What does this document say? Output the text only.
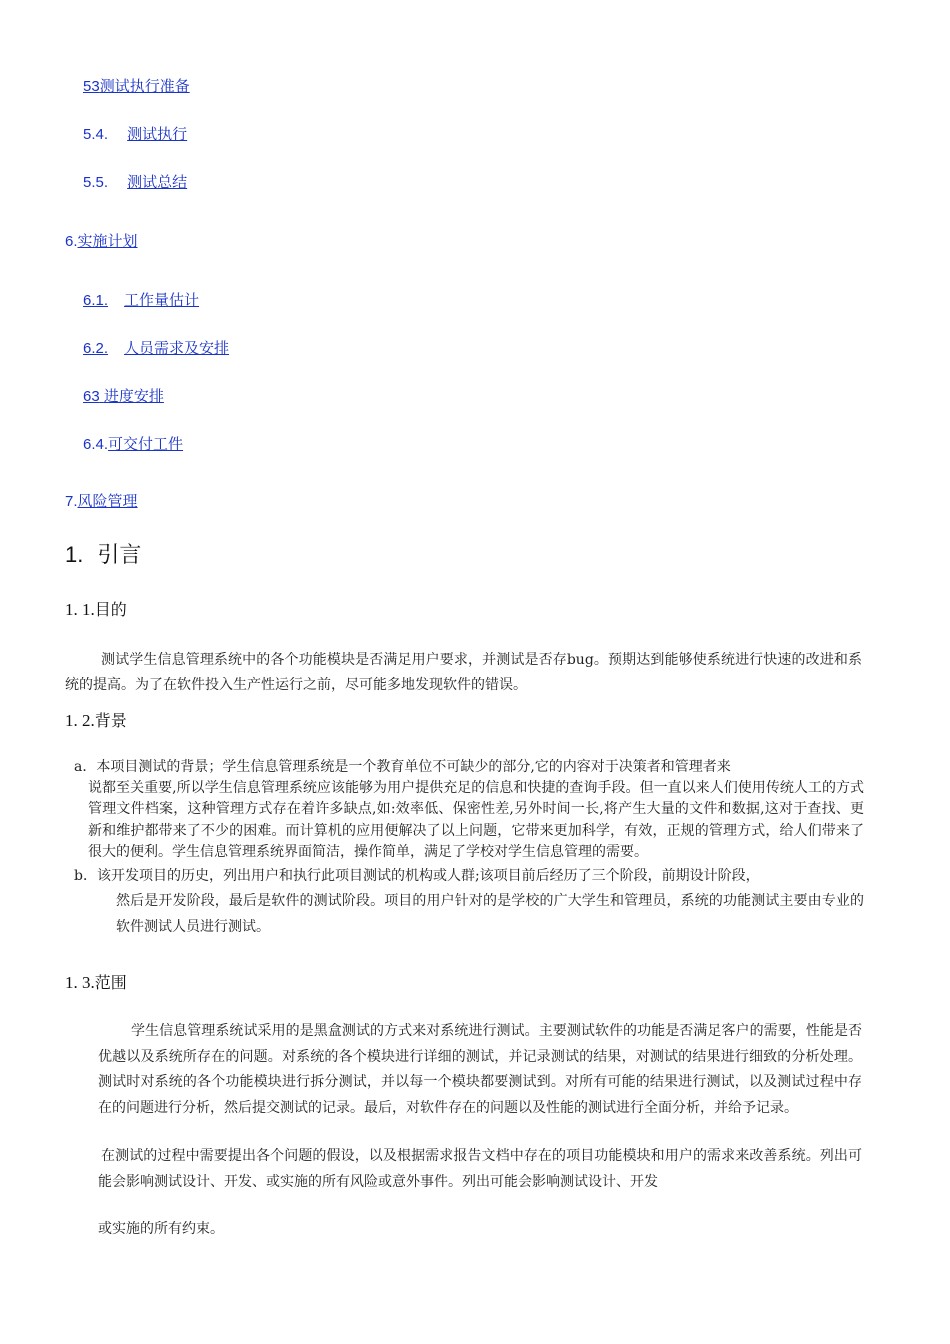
53测试执行准备
5.4. 测试执行
5.5. 测试总结
6.实施计划
6.1. 工作量估计
6.2. 人员需求及安排
63 进度安排
6.4.可交付工件
7.风险管理
1. 引言
1. 1.目的
测试学生信息管理系统中的各个功能模块是否满足用户要求，并测试是否存bug。预期达到能够使系统进行快速的改进和系统的提高。为了在软件投入生产性运行之前，尽可能多地发现软件的错误。
1. 2.背景
a．本项目测试的背景；学生信息管理系统是一个教育单位不可缺少的部分,它的内容对于决策者和管理者来
说都至关重要,所以学生信息管理系统应该能够为用户提供充足的信息和快捷的查询手段。但一直以来人们使用传统人工的方式管理文件档案，这种管理方式存在着许多缺点,如:效率低、保密性差,另外时间一长,将产生大量的文件和数据,这对于查找、更新和维护都带来了不少的困难。而计算机的应用便解决了以上问题，它带来更加科学，有效，正规的管理方式，给人们带来了很大的便利。学生信息管理系统界面简洁，操作简单，满足了学校对学生信息管理的需要。
b．该开发项目的历史，列出用户和执行此项目测试的机构或人群;该项目前后经历了三个阶段，前期设计阶段，
然后是开发阶段，最后是软件的测试阶段。项目的用户针对的是学校的广大学生和管理员，系统的功能测试主要由专业的软件测试人员进行测试。
1. 3.范围
学生信息管理系统试采用的是黑盒测试的方式来对系统进行测试。主要测试软件的功能是否满足客户的需要，性能是否优越以及系统所存在的问题。对系统的各个模块进行详细的测试，并记录测试的结果，对测试的结果进行细致的分析处理。测试时对系统的各个功能模块进行拆分测试，并以每一个模块都要测试到。对所有可能的结果进行测试，以及测试过程中存在的问题进行分析，然后提交测试的记录。最后，对软件存在的问题以及性能的测试进行全面分析，并给予记录。
在测试的过程中需要提出各个问题的假设，以及根据需求报告文档中存在的项目功能模块和用户的需求来改善系统。列出可能会影响测试设计、开发、或实施的所有风险或意外事件。列出可能会影响测试设计、开发
或实施的所有约束。
